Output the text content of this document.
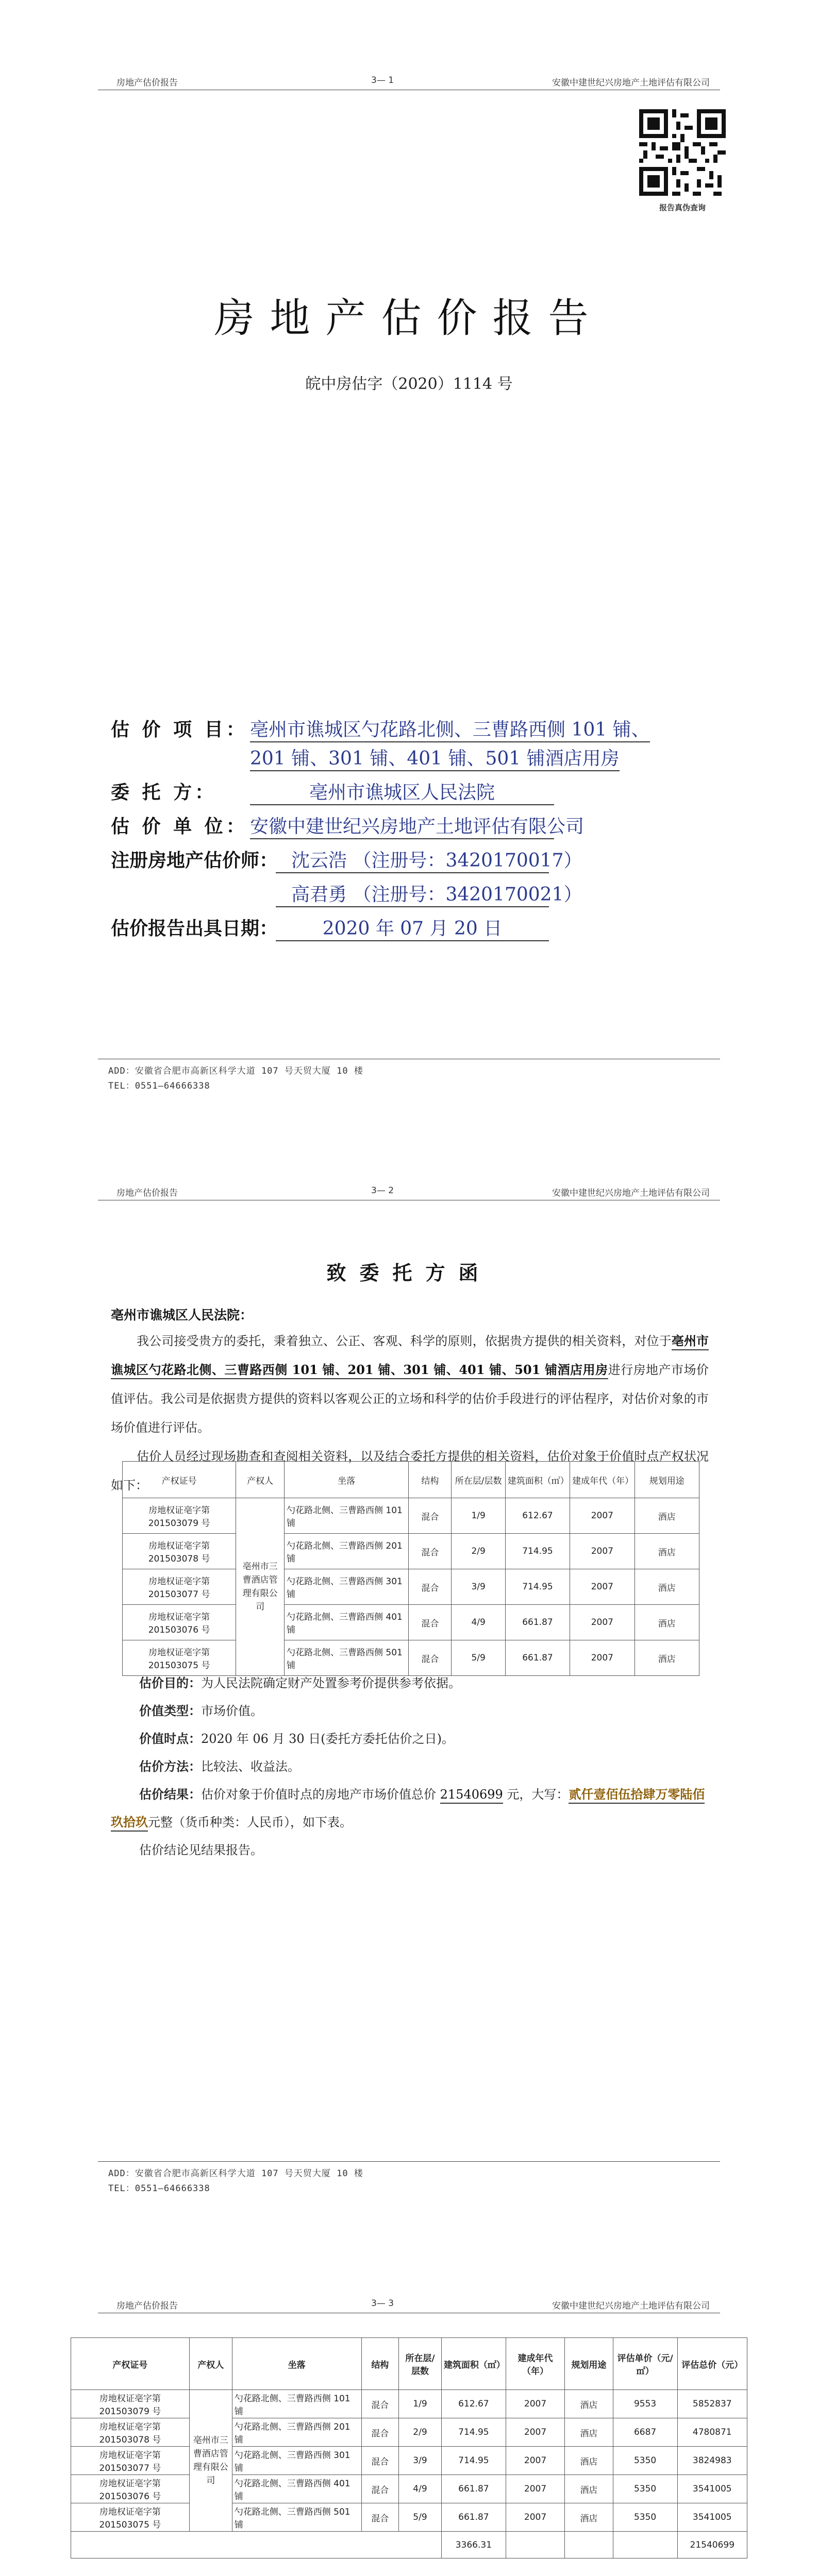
房地产估价报告	3— 1	安徽中建世纪兴房地产土地评估有限公司
报告真伪查询
房地产估价报告
皖中房估字（2020）1114 号
估 价 项 目： 亳州市谯城区勺花路北侧、三曹路西侧 101 铺、
201 铺、301 铺、401 铺、501 铺酒店用房
委 托 方：	亳州市谯城区人民法院
估 价 单 位： 安徽中建世纪兴房地产土地评估有限公司
注册房地产估价师： 沈云浩 （注册号：3420170017）
高君勇 （注册号：3420170021）
估价报告出具日期：	2020 年 07 月 20 日
ADD：安徽省合肥市高新区科学大道 107 号天贸大厦 10 楼
TEL：0551—64666338
房地产估价报告	3— 2	安徽中建世纪兴房地产土地评估有限公司
致委托方函
亳州市谯城区人民法院：

我公司接受贵方的委托，秉着独立、公正、客观、科学的原则，依据贵方提供的相关资料，对位于亳州市谯城区勺花路北侧、三曹路西侧 101 铺、201 铺、301 铺、401 铺、501 铺酒店用房进行房地产市场价值评估。我公司是依据贵方提供的资料以客观公正的立场和科学的估价手段进行的评估程序，对估价对象的市场价值进行评估。

估价人员经过现场勘查和查阅相关资料，以及结合委托方提供的相关资料，估价对象于价值时点产权状况如下：

ADD：安徽省合肥市高新区科学大道 107 号天贸大厦 10 楼
TEL：0551—64666338
产权证号	产权人	坐落	结构	所在层/层数	建筑面积（㎡）	建成年代（年）	规划用途
房地权证亳字第 201503079 号	亳州市三曹酒店管理有限公司	勺花路北侧、三曹路西侧 101 铺	混合	1/9	612.67	2007	酒店
房地权证亳字第 201503078 号		勺花路北侧、三曹路西侧 201 铺	混合	2/9	714.95	2007	酒店
房地权证亳字第 201503077 号		勺花路北侧、三曹路西侧 301 铺	混合	3/9	714.95	2007	酒店
房地权证亳字第 201503076 号		勺花路北侧、三曹路西侧 401 铺	混合	4/9	661.87	2007	酒店
房地权证亳字第 201503075 号		勺花路北侧、三曹路西侧 501 铺	混合	5/9	661.87	2007	酒店

估价目的：为人民法院确定财产处置参考价提供参考依据。

价值类型：市场价值。

价值时点：2020 年 06 月 30 日(委托方委托估价之日)。

估价方法：比较法、收益法。

估价结果：估价对象于价值时点的房地产市场价值总价 21540699 元，大写：贰仟壹佰伍拾肆万零陆佰玖拾玖元整（货币种类：人民币），如下表。

估价结论见结果报告。

房地产估价报告	3— 3	安徽中建世纪兴房地产土地评估有限公司
产权证号	产权人	坐落	结构	所在层/层数	建筑面积（㎡）	建成年代（年）	规划用途	评估单价（元/㎡）	评估总价（元）
房地权证亳字第 201503079 号	亳州市三曹酒店管理有限公司	勺花路北侧、三曹路西侧 101 铺	混合	1/9	612.67	2007	酒店	9553	5852837
房地权证亳字第 201503078 号		勺花路北侧、三曹路西侧 201 铺	混合	2/9	714.95	2007	酒店	6687	4780871
房地权证亳字第 201503077 号		勺花路北侧、三曹路西侧 301 铺	混合	3/9	714.95	2007	酒店	5350	3824983
房地权证亳字第 201503076 号		勺花路北侧、三曹路西侧 401 铺	混合	4/9	661.87	2007	酒店	5350	3541005
房地权证亳字第 201503075 号		勺花路北侧、三曹路西侧 501 铺	混合	5/9	661.87	2007	酒店	5350	3541005
					3366.31				21540699
